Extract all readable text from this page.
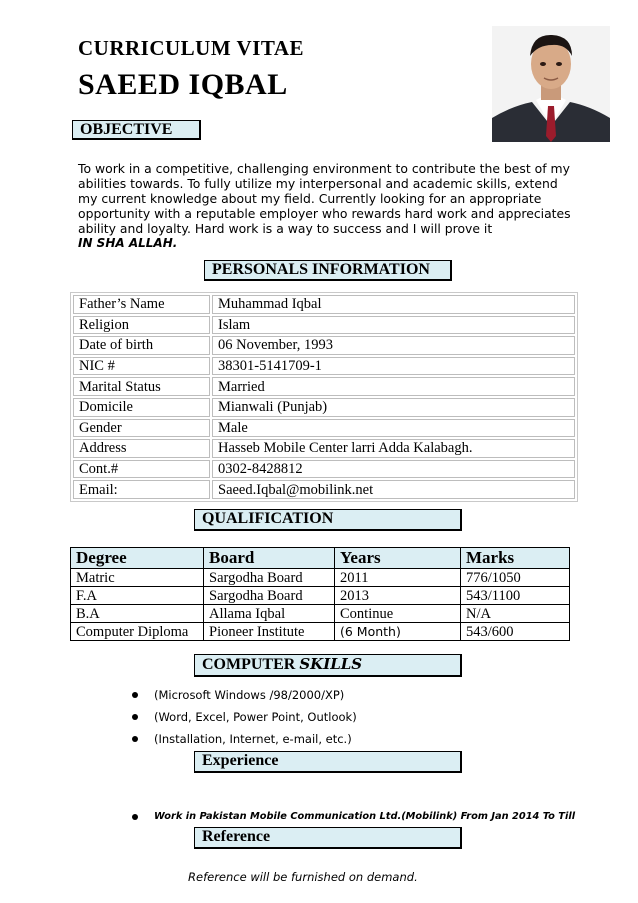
CURRICULUM VITAE
SAEED IQBAL
OBJECTIVE
To work in a competitive, challenging environment to contribute the best of my abilities towards. To fully utilize my interpersonal and academic skills, extend my current knowledge about my field. Currently looking for an appropriate opportunity with a reputable employer who rewards hard work and appreciates ability and loyalty. Hard work is a way to success and I will prove it
IN SHA ALLAH.
PERSONALS INFORMATION
Father’s Name	Muhammad Iqbal
Religion	Islam
Date of birth	06 November, 1993
NIC #	38301-5141709-1
Marital Status	Married
Domicile	Mianwali (Punjab)
Gender	Male
Address	Hasseb Mobile Center larri Adda Kalabagh.
Cont.#	0302-8428812
Email:	Saeed.Iqbal@mobilink.net
QUALIFICATION
Degree	Board	Years	Marks
Matric	Sargodha Board	2011	776/1050
F.A	Sargodha Board	2013	543/1100
B.A	Allama Iqbal	Continue	N/A
Computer Diploma	Pioneer Institute	(6 Month)	543/600
COMPUTER SKILLS
(Microsoft Windows /98/2000/XP)
(Word, Excel, Power Point, Outlook)
(Installation, Internet, e-mail, etc.)
Experience
Work in Pakistan Mobile Communication Ltd.(Mobilink) From Jan 2014 To Till
Reference
Reference will be furnished on demand.
